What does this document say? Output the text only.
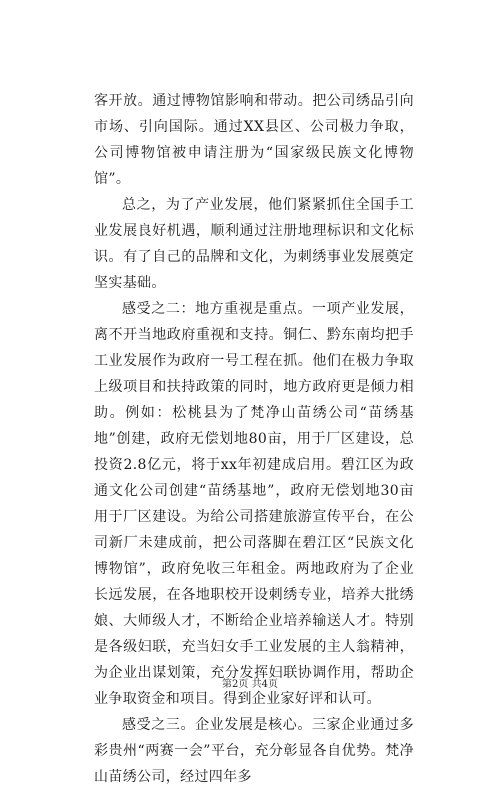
客开放。通过博物馆影响和带动。把公司绣品引向市场、引向国际。通过XX县区、公司极力争取，公司博物馆被申请注册为“国家级民族文化博物馆”。

总之，为了产业发展，他们紧紧抓住全国手工业发展良好机遇，顺利通过注册地理标识和文化标识。有了自己的品牌和文化，为刺绣事业发展奠定坚实基础。

感受之二：地方重视是重点。一项产业发展，离不开当地政府重视和支持。铜仁、黔东南均把手工业发展作为政府一号工程在抓。他们在极力争取上级项目和扶持政策的同时，地方政府更是倾力相助。例如：松桃县为了梵净山苗绣公司“苗绣基地”创建，政府无偿划地80亩，用于厂区建设，总投资2.8亿元，将于xx年初建成启用。碧江区为政通文化公司创建“苗绣基地”，政府无偿划地30亩用于厂区建设。为给公司搭建旅游宣传平台，在公司新厂未建成前，把公司落脚在碧江区“民族文化博物馆”，政府免收三年租金。两地政府为了企业长远发展，在各地职校开设刺绣专业，培养大批绣娘、大师级人才，不断给企业培养输送人才。特别是各级妇联，充当妇女手工业发展的主人翁精神，为企业出谋划策，充分发挥妇联协调作用，帮助企业争取资金和项目。得到企业家好评和认可。

感受之三。企业发展是核心。三家企业通过多彩贵州“两赛一会”平台，充分彰显各自优势。梵净山苗绣公司，经过四年多

第2页 共4页
